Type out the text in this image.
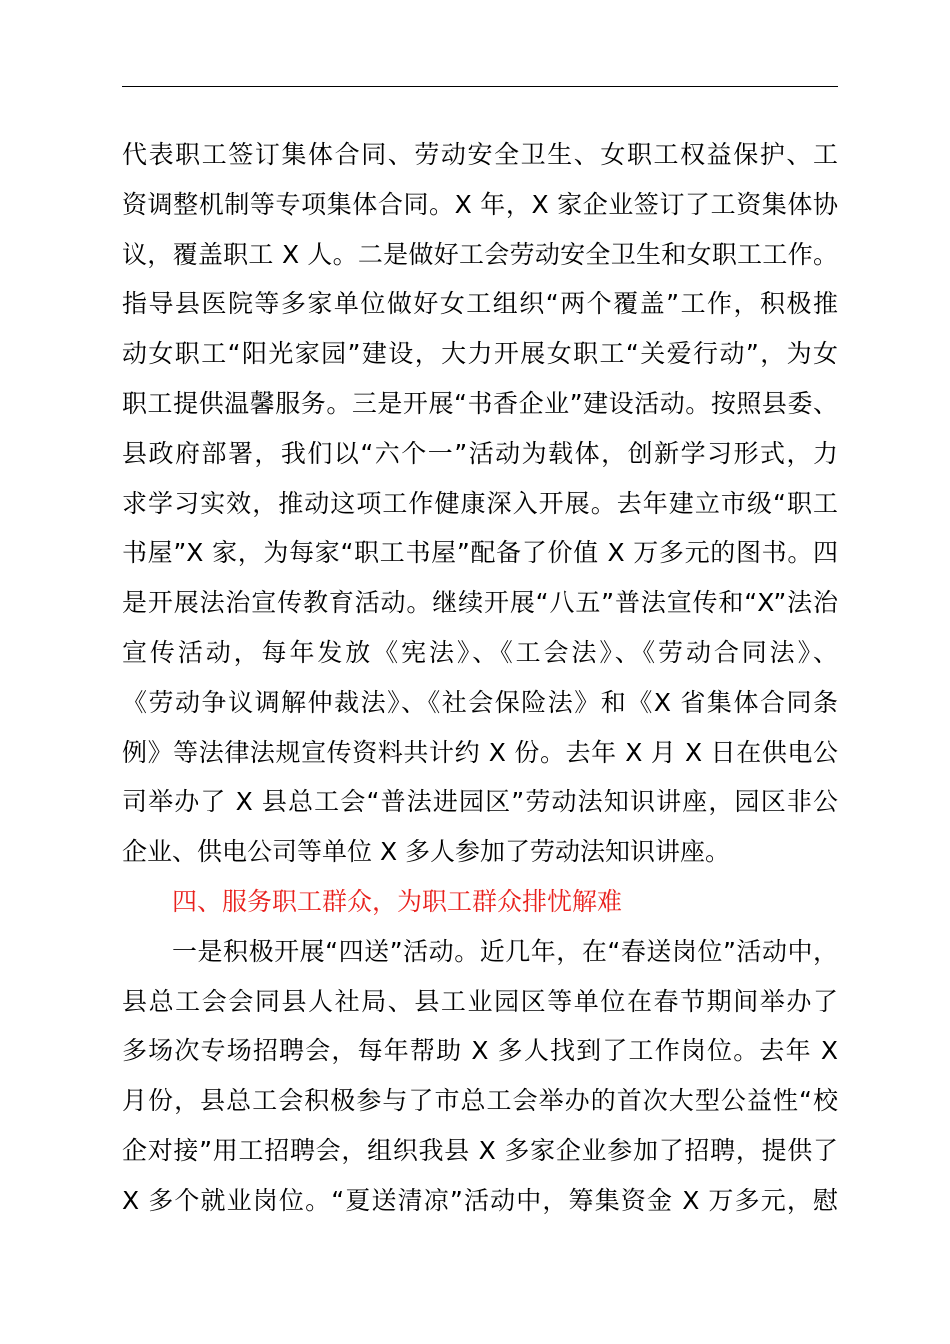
代表职工签订集体合同、劳动安全卫生、女职工权益保护、工
资调整机制等专项集体合同。X 年，X 家企业签订了工资集体协
议，覆盖职工 X 人。二是做好工会劳动安全卫生和女职工工作。
指导县医院等多家单位做好女工组织“两个覆盖”工作，积极推
动女职工“阳光家园”建设，大力开展女职工“关爱行动”，为女
职工提供温馨服务。三是开展“书香企业”建设活动。按照县委、
县政府部署，我们以“六个一”活动为载体，创新学习形式，力
求学习实效，推动这项工作健康深入开展。去年建立市级“职工
书屋”X 家，为每家“职工书屋”配备了价值 X 万多元的图书。四
是开展法治宣传教育活动。继续开展“八五”普法宣传和“X”法治
宣传活动，每年发放《宪法》、《工会法》、《劳动合同法》、
《劳动争议调解仲裁法》、《社会保险法》和《X 省集体合同条
例》等法律法规宣传资料共计约 X 份。去年 X 月 X 日在供电公
司举办了 X 县总工会“普法进园区”劳动法知识讲座，园区非公
企业、供电公司等单位 X 多人参加了劳动法知识讲座。
四、服务职工群众，为职工群众排忧解难
一是积极开展“四送”活动。近几年，在“春送岗位”活动中，
县总工会会同县人社局、县工业园区等单位在春节期间举办了
多场次专场招聘会，每年帮助 X 多人找到了工作岗位。去年 X
月份，县总工会积极参与了市总工会举办的首次大型公益性“校
企对接”用工招聘会，组织我县 X 多家企业参加了招聘，提供了
X 多个就业岗位。“夏送清凉”活动中，筹集资金 X 万多元，慰
